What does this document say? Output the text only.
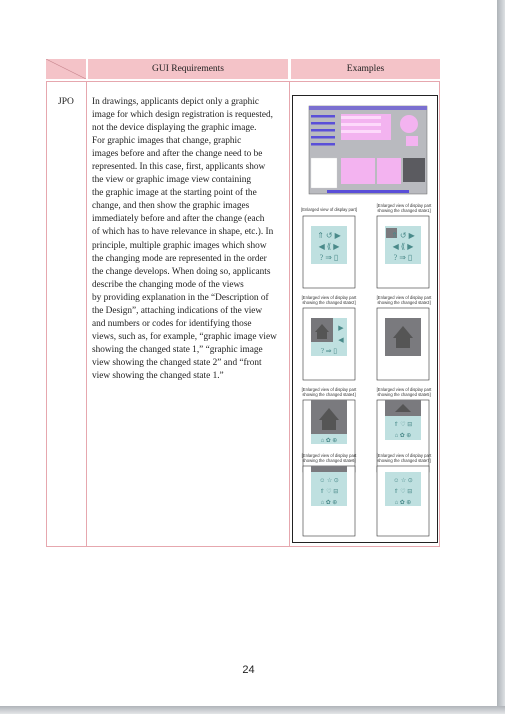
GUI Requirements	Examples
JPO In drawings, applicants depict only a graphic
image for which design registration is requested,
not the device displaying the graphic image.
For graphic images that change, graphic
images before and after the change need to be
represented. In this case, first, applicants show
the view or graphic image view containing
the graphic image at the starting point of the
change, and then show the graphic images
immediately before and after the change (each
of which has to have relevance in shape, etc.). In
principle, multiple graphic images which show
the changing mode are represented in the order
the change develops. When doing so, applicants
describe the changing mode of the views
by providing explanation in the “Description of
the Design”, attaching indications of the view
and numbers or codes for identifying those
views, such as, for example, “graphic image view
showing the changed state 1,” “graphic image
view showing the changed state 2” and “front
view showing the changed state 1.”
[Enlarged view of display part]
[Enlarged view of display part
showing the changed state1]
⇑ ↺ ▶
◀ ⟪ ▶
? ⇒ ▯
⇑ ↺ ▶
◀ ⟪ ▶
? ⇒ ▯
[Enlarged view of display part
showing the changed state2]
[Enlarged view of display part
showing the changed state3]
▶
◀
? ⇒ ▯
[Enlarged view of display part
showing the changed state4]
[Enlarged view of display part
showing the changed state5]
⌂ ✿ ⊕
⇑ ♡ ⊟
⌂ ✿ ⊕
[Enlarged view of display part
showing the changed state6]
[Enlarged view of display part
showing the changed state7]
☺ ☆ ⊙
⇑ ♡ ⊟
⌂ ✿ ⊕
☺ ☆ ⊙
⇑ ♡ ⊟
⌂ ✿ ⊕
24
